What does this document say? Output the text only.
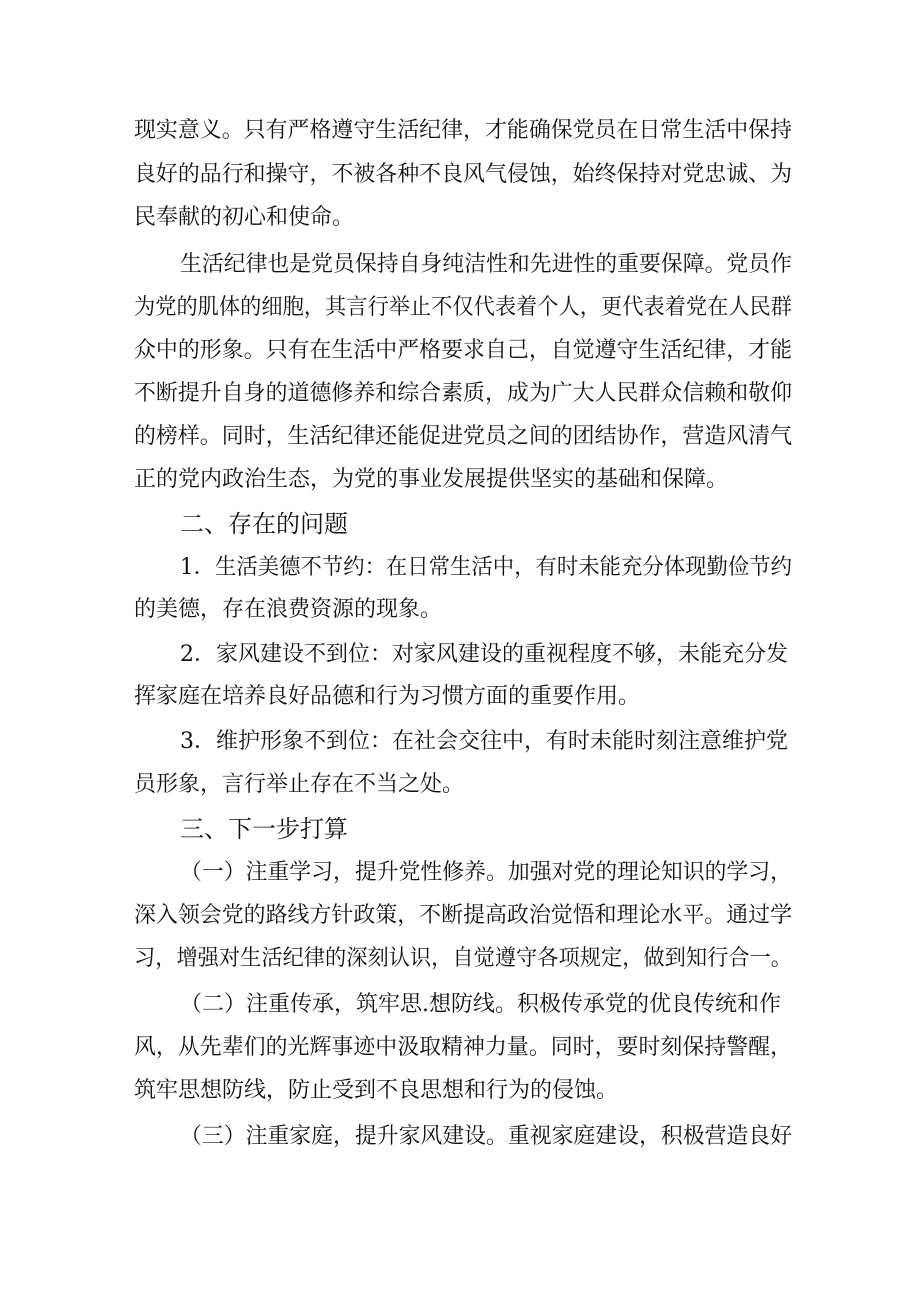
现实意义。只有严格遵守生活纪律，才能确保党员在日常生活中保持
良好的品行和操守，不被各种不良风气侵蚀，始终保持对党忠诚、为
民奉献的初心和使命。
生活纪律也是党员保持自身纯洁性和先进性的重要保障。党员作
为党的肌体的细胞，其言行举止不仅代表着个人，更代表着党在人民群
众中的形象。只有在生活中严格要求自己，自觉遵守生活纪律，才能
不断提升自身的道德修养和综合素质，成为广大人民群众信赖和敬仰
的榜样。同时，生活纪律还能促进党员之间的团结协作，营造风清气
正的党内政治生态，为党的事业发展提供坚实的基础和保障。
二、存在的问题
1．生活美德不节约：在日常生活中，有时未能充分体现勤俭节约
的美德，存在浪费资源的现象。
2．家风建设不到位：对家风建设的重视程度不够，未能充分发
挥家庭在培养良好品德和行为习惯方面的重要作用。
3．维护形象不到位：在社会交往中，有时未能时刻注意维护党
员形象，言行举止存在不当之处。
三、下一步打算
（一）注重学习，提升党性修养。加强对党的理论知识的学习，
深入领会党的路线方针政策，不断提高政治觉悟和理论水平。通过学
习，增强对生活纪律的深刻认识，自觉遵守各项规定，做到知行合一。
（二）注重传承，筑牢思.想防线。积极传承党的优良传统和作
风，从先辈们的光辉事迹中汲取精神力量。同时，要时刻保持警醒，
筑牢思想防线，防止受到不良思想和行为的侵蚀。
（三）注重家庭，提升家风建设。重视家庭建设，积极营造良好
